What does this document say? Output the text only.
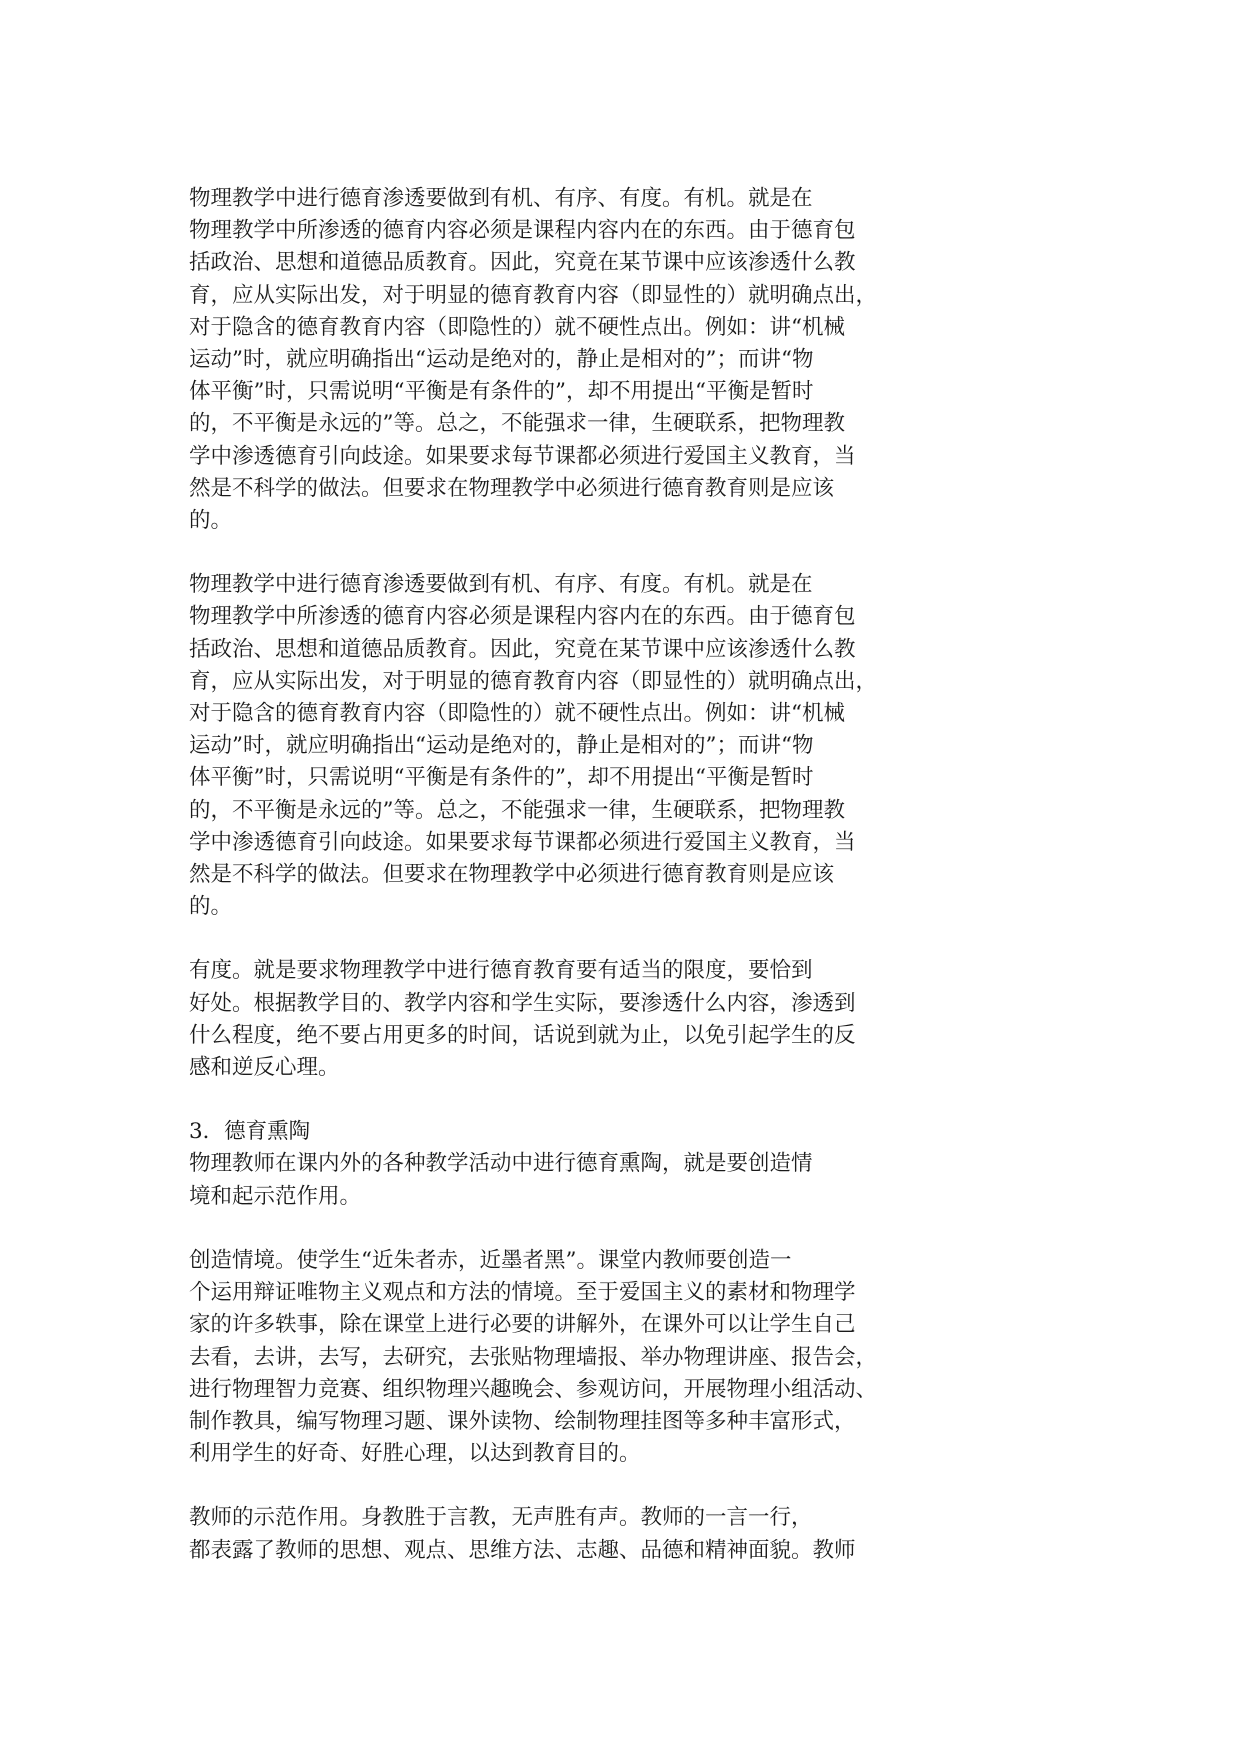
物理教学中进行德育渗透要做到有机、有序、有度。有机。就是在
物理教学中所渗透的德育内容必须是课程内容内在的东西。由于德育包
括政治、思想和道德品质教育。因此，究竟在某节课中应该渗透什么教
育，应从实际出发，对于明显的德育教育内容（即显性的）就明确点出，
对于隐含的德育教育内容（即隐性的）就不硬性点出。例如：讲“机械
运动”时，就应明确指出“运动是绝对的，静止是相对的”；而讲“物
体平衡”时，只需说明“平衡是有条件的”，却不用提出“平衡是暂时
的，不平衡是永远的”等。总之，不能强求一律，生硬联系，把物理教
学中渗透德育引向歧途。如果要求每节课都必须进行爱国主义教育，当
然是不科学的做法。但要求在物理教学中必须进行德育教育则是应该
的。
物理教学中进行德育渗透要做到有机、有序、有度。有机。就是在
物理教学中所渗透的德育内容必须是课程内容内在的东西。由于德育包
括政治、思想和道德品质教育。因此，究竟在某节课中应该渗透什么教
育，应从实际出发，对于明显的德育教育内容（即显性的）就明确点出，
对于隐含的德育教育内容（即隐性的）就不硬性点出。例如：讲“机械
运动”时，就应明确指出“运动是绝对的，静止是相对的”；而讲“物
体平衡”时，只需说明“平衡是有条件的”，却不用提出“平衡是暂时
的，不平衡是永远的”等。总之，不能强求一律，生硬联系，把物理教
学中渗透德育引向歧途。如果要求每节课都必须进行爱国主义教育，当
然是不科学的做法。但要求在物理教学中必须进行德育教育则是应该
的。
有度。就是要求物理教学中进行德育教育要有适当的限度，要恰到
好处。根据教学目的、教学内容和学生实际，要渗透什么内容，渗透到
什么程度，绝不要占用更多的时间，话说到就为止，以免引起学生的反
感和逆反心理。
3．德育熏陶
物理教师在课内外的各种教学活动中进行德育熏陶，就是要创造情
境和起示范作用。
创造情境。使学生“近朱者赤，近墨者黑”。课堂内教师要创造一
个运用辩证唯物主义观点和方法的情境。至于爱国主义的素材和物理学
家的许多轶事，除在课堂上进行必要的讲解外，在课外可以让学生自己
去看，去讲，去写，去研究，去张贴物理墙报、举办物理讲座、报告会，
进行物理智力竞赛、组织物理兴趣晚会、参观访问，开展物理小组活动、
制作教具，编写物理习题、课外读物、绘制物理挂图等多种丰富形式，
利用学生的好奇、好胜心理，以达到教育目的。
教师的示范作用。身教胜于言教，无声胜有声。教师的一言一行，
都表露了教师的思想、观点、思维方法、志趣、品德和精神面貌。教师
